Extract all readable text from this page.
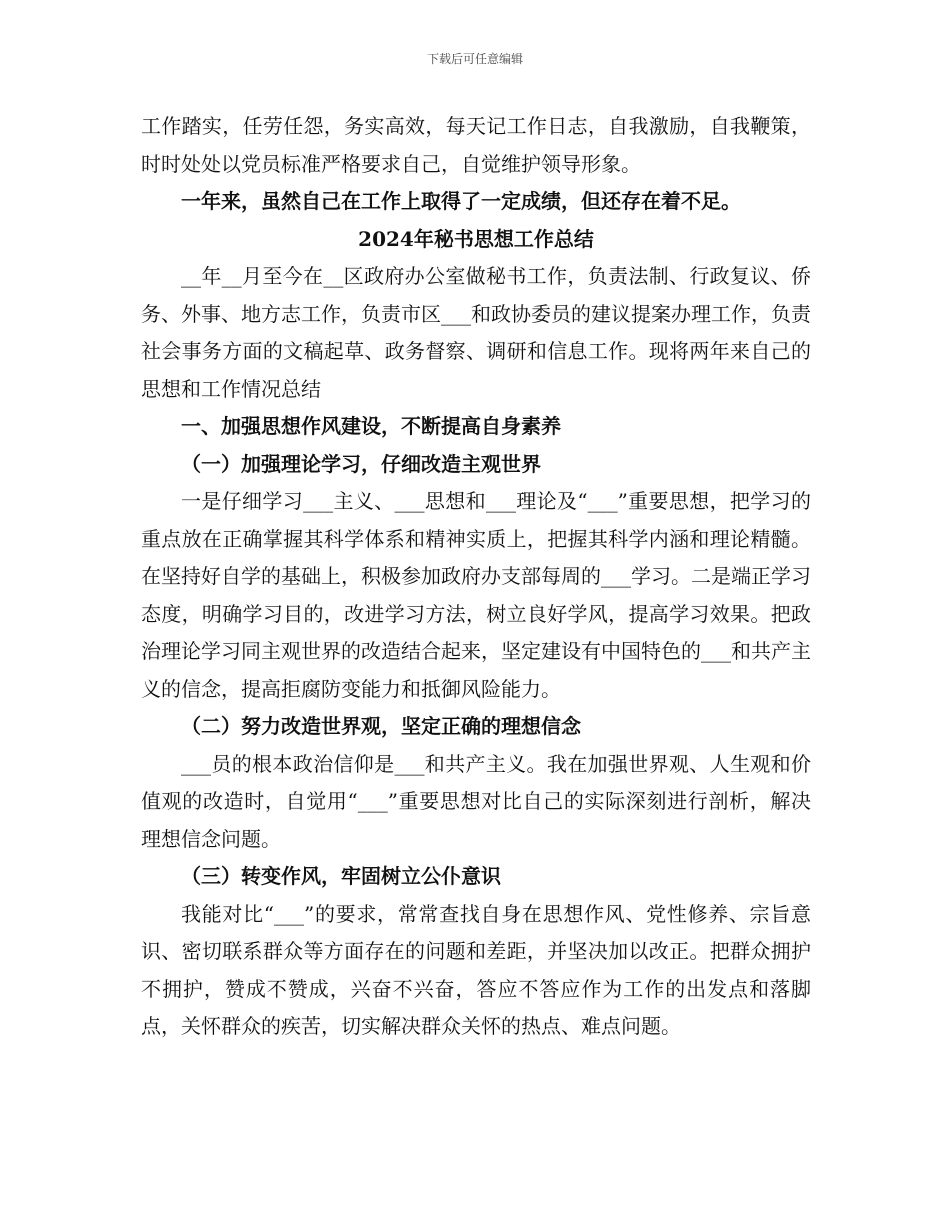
下载后可任意编辑

工作踏实，任劳任怨，务实高效，每天记工作日志，自我激励，自我鞭策，时时处处以党员标准严格要求自己，自觉维护领导形象。

一年来，虽然自己在工作上取得了一定成绩，但还存在着不足。

2024年秘书思想工作总结

__年__月至今在__区政府办公室做秘书工作，负责法制、行政复议、侨务、外事、地方志工作，负责市区___和政协委员的建议提案办理工作，负责社会事务方面的文稿起草、政务督察、调研和信息工作。现将两年来自己的思想和工作情况总结

一、加强思想作风建设，不断提高自身素养

（一）加强理论学习，仔细改造主观世界

一是仔细学习___主义、___思想和___理论及“___”重要思想，把学习的重点放在正确掌握其科学体系和精神实质上，把握其科学内涵和理论精髓。在坚持好自学的基础上，积极参加政府办支部每周的___学习。二是端正学习态度，明确学习目的，改进学习方法，树立良好学风，提高学习效果。把政治理论学习同主观世界的改造结合起来，坚定建设有中国特色的___和共产主义的信念，提高拒腐防变能力和抵御风险能力。

（二）努力改造世界观，坚定正确的理想信念

___员的根本政治信仰是___和共产主义。我在加强世界观、人生观和价值观的改造时，自觉用“___”重要思想对比自己的实际深刻进行剖析，解决理想信念问题。

（三）转变作风，牢固树立公仆意识

我能对比“___”的要求，常常查找自身在思想作风、党性修养、宗旨意识、密切联系群众等方面存在的问题和差距，并坚决加以改正。把群众拥护不拥护，赞成不赞成，兴奋不兴奋，答应不答应作为工作的出发点和落脚点，关怀群众的疾苦，切实解决群众关怀的热点、难点问题。
